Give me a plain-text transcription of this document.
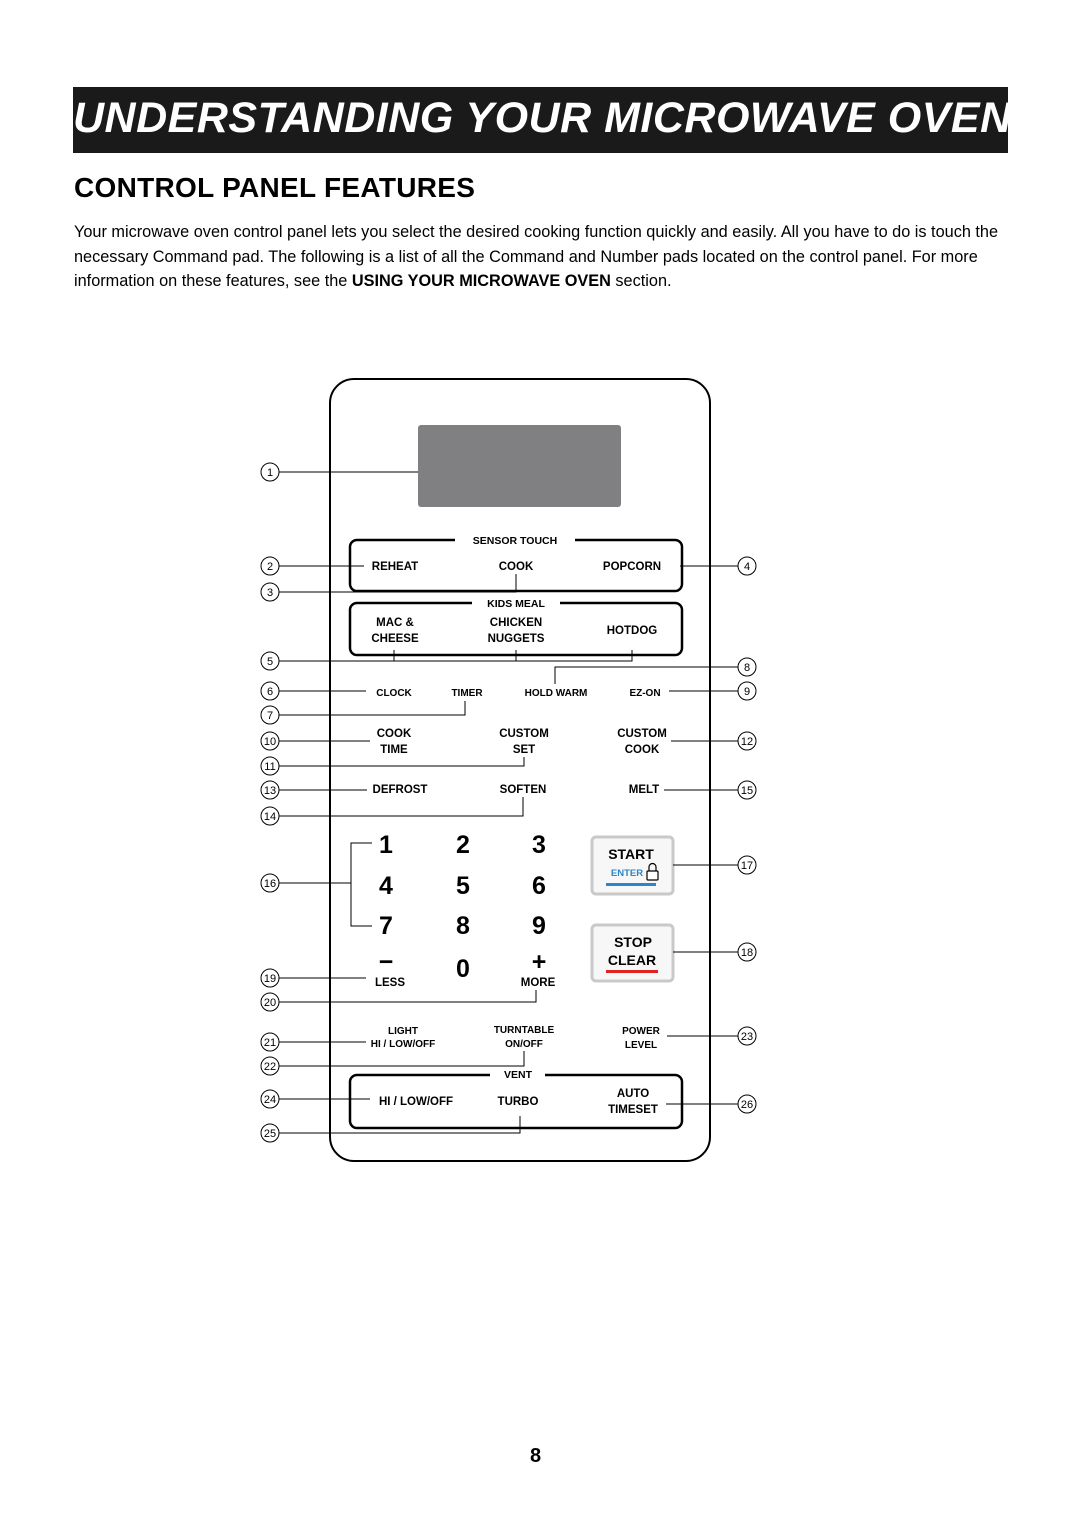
UNDERSTANDING YOUR MICROWAVE OVEN
CONTROL PANEL FEATURES

Your microwave oven control panel lets you select the desired cooking function quickly and easily. All you have to do is touch the necessary Command pad. The following is a list of all the Command and Number pads located on the control panel. For more information on these features, see the USING YOUR MICROWAVE OVEN section.

SENSOR TOUCH
REHEAT	COOK	POPCORN
KIDS MEAL
MAC &
CHEESE
CHICKEN
NUGGETS
HOTDOG
CLOCK	TIMER	HOLD WARM	EZ-ON
COOK
TIME
CUSTOM
SET
CUSTOM
COOK
DEFROST	SOFTEN	MELT
1	2 3
4	5 6
7	8 9
−	0 +
LESS	MORE
START
ENTER
STOP
CLEAR
LIGHT
HI / LOW/OFF
TURNTABLE
ON/OFF
POWER
LEVEL
VENT
HI / LOW/OFF	TURBO
AUTO
TIMESET
1
2
3
4
5
6
7
8
9
10
11
12
13
14
15
16
17
18
19
20
21
22
23
24
25
26
8
